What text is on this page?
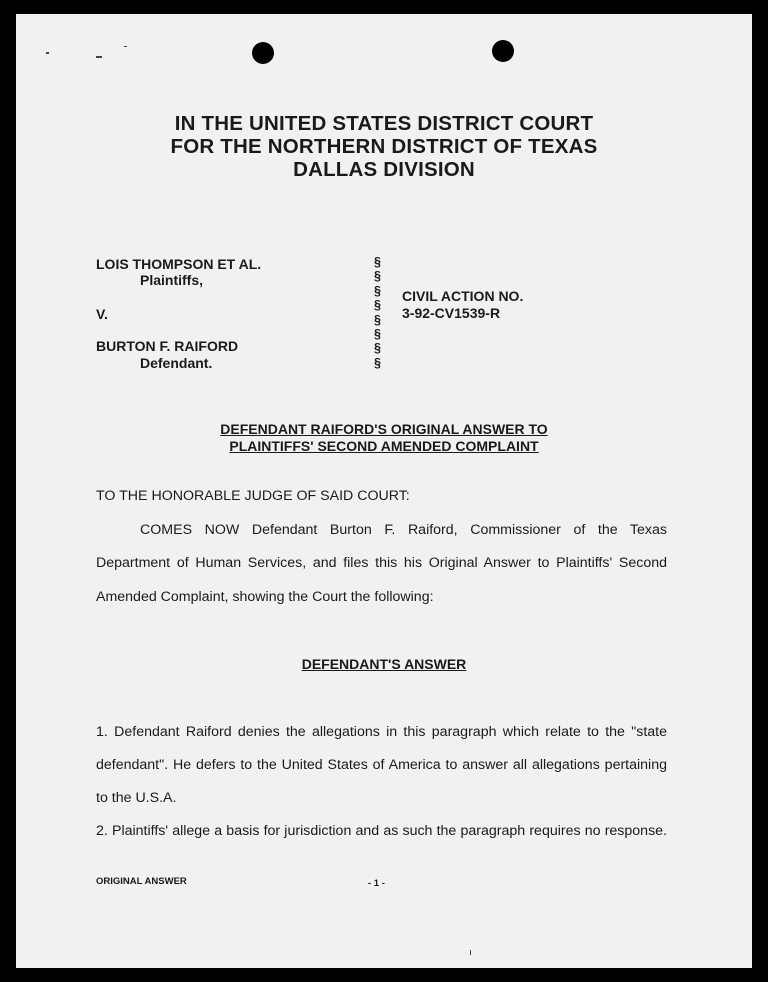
IN THE UNITED STATES DISTRICT COURT
FOR THE NORTHERN DISTRICT OF TEXAS
DALLAS DIVISION
LOIS THOMPSON ET AL.
Plaintiffs,
V.
BURTON F. RAIFORD
Defendant.
§
§
§
§
§
§
§
§
CIVIL ACTION NO.
3-92-CV1539-R
DEFENDANT RAIFORD'S ORIGINAL ANSWER TO
PLAINTIFFS' SECOND AMENDED COMPLAINT
TO THE HONORABLE JUDGE OF SAID COURT:
COMES NOW Defendant Burton F. Raiford, Commissioner of the Texas
Department of Human Services, and files this his Original Answer to Plaintiffs' Second
Amended Complaint, showing the Court the following:
DEFENDANT'S ANSWER
1. Defendant Raiford denies the allegations in this paragraph which relate to the "state
defendant". He defers to the United States of America to answer all allegations pertaining
to the U.S.A.
2. Plaintiffs' allege a basis for jurisdiction and as such the paragraph requires no response.
ORIGINAL ANSWER	- 1 -
